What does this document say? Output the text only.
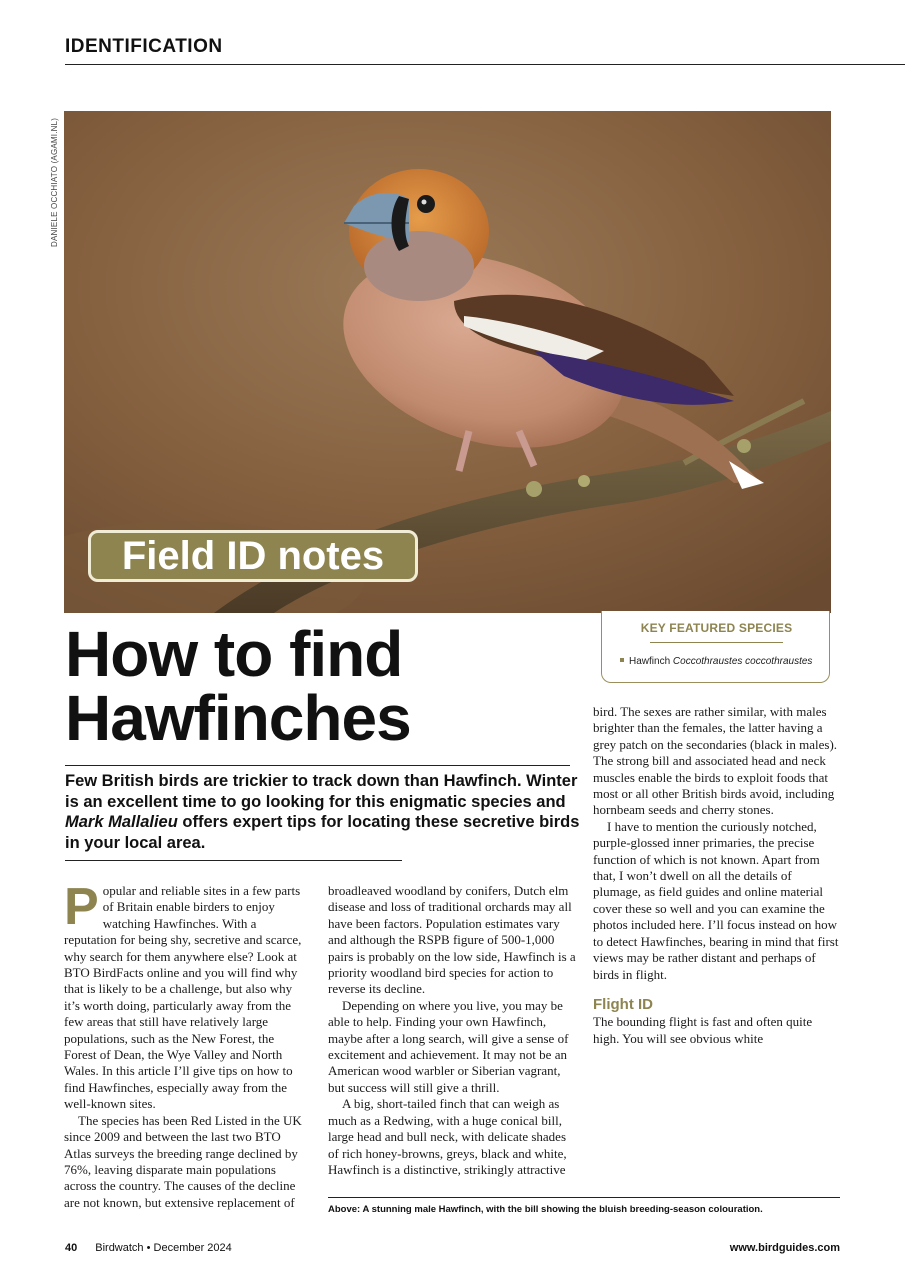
IDENTIFICATION
DANIELE OCCHIATO (AGAMI.NL)
Field ID notes
KEY FEATURED SPECIES
Hawfinch Coccothraustes coccothraustes
How to find Hawfinches
Few British birds are trickier to track down than Hawfinch. Winter is an excellent time to go looking for this enigmatic species and Mark Mallalieu offers expert tips for locating these secretive birds in your local area.

Popular and reliable sites in a few parts of Britain enable birders to enjoy watching Hawfinches. With a reputation for being shy, secretive and scarce, why search for them anywhere else? Look at BTO BirdFacts online and you will find why that is likely to be a challenge, but also why it’s worth doing, particularly away from the few areas that still have relatively large populations, such as the New Forest, the Forest of Dean, the Wye Valley and North Wales. In this article I’ll give tips on how to find Hawfinches, especially away from the well-known sites.

The species has been Red Listed in the UK since 2009 and between the last two BTO Atlas surveys the breeding range declined by 76%, leaving disparate main populations across the country. The causes of the decline are not known, but extensive replacement of

broadleaved woodland by conifers, Dutch elm disease and loss of traditional orchards may all have been factors. Population estimates vary and although the RSPB figure of 500-1,000 pairs is probably on the low side, Hawfinch is a priority woodland bird species for action to reverse its decline.

Depending on where you live, you may be able to help. Finding your own Hawfinch, maybe after a long search, will give a sense of excitement and achievement. It may not be an American wood warbler or Siberian vagrant, but success will still give a thrill.

A big, short-tailed finch that can weigh as much as a Redwing, with a huge conical bill, large head and bull neck, with delicate shades of rich honey-browns, greys, black and white, Hawfinch is a distinctive, strikingly attractive

bird. The sexes are rather similar, with males brighter than the females, the latter having a grey patch on the secondaries (black in males). The strong bill and associated head and neck muscles enable the birds to exploit foods that most or all other British birds avoid, including hornbeam seeds and cherry stones.

I have to mention the curiously notched, purple-glossed inner primaries, the precise function of which is not known. Apart from that, I won’t dwell on all the details of plumage, as field guides and online material cover these so well and you can examine the photos included here. I’ll focus instead on how to detect Hawfinches, bearing in mind that first views may be rather distant and perhaps of birds in flight.

Flight ID

The bounding flight is fast and often quite high. You will see obvious white

Above: A stunning male Hawfinch, with the bill showing the bluish breeding-season colouration.
40 Birdwatch • December 2024	www.birdguides.com
